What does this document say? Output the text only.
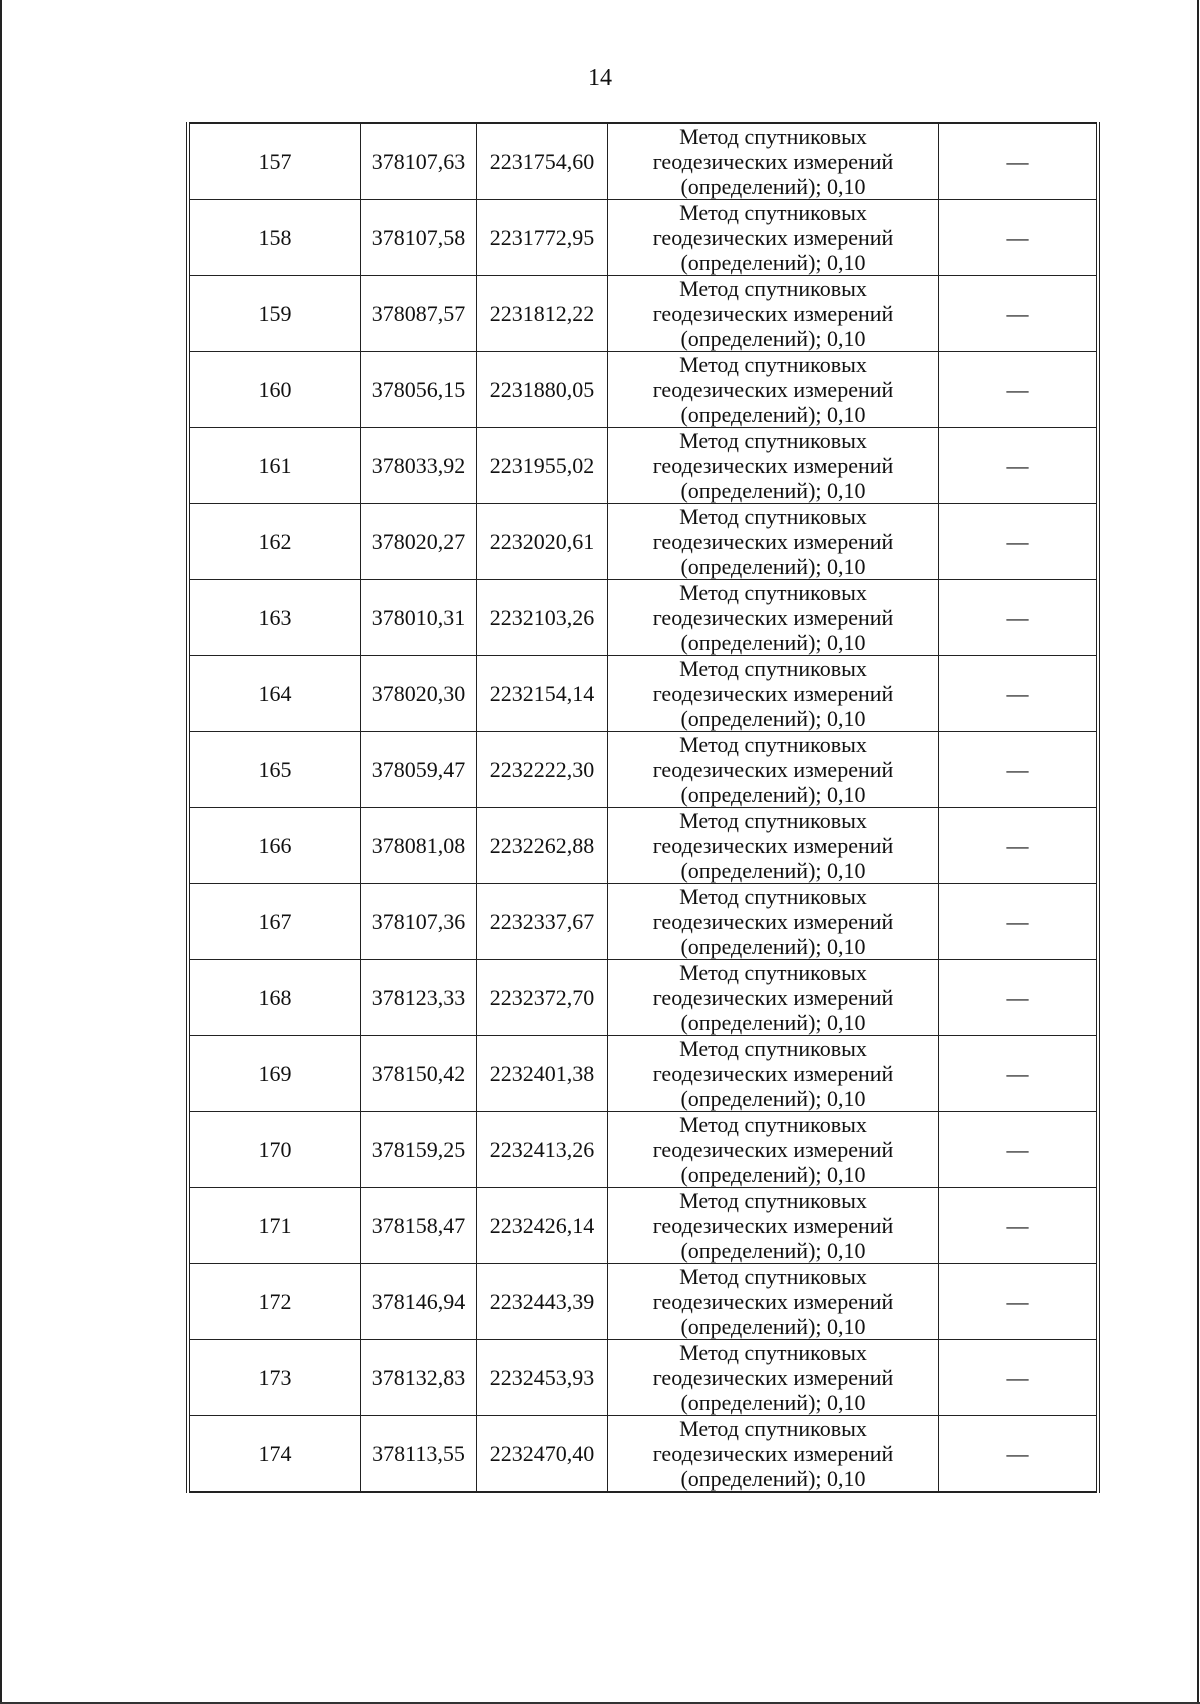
14
157	378107,63	2231754,60	Метод спутниковых
геодезических измерений
(определений); 0,10	—
158	378107,58	2231772,95	Метод спутниковых
геодезических измерений
(определений); 0,10	—
159	378087,57	2231812,22	Метод спутниковых
геодезических измерений
(определений); 0,10	—
160	378056,15	2231880,05	Метод спутниковых
геодезических измерений
(определений); 0,10	—
161	378033,92	2231955,02	Метод спутниковых
геодезических измерений
(определений); 0,10	—
162	378020,27	2232020,61	Метод спутниковых
геодезических измерений
(определений); 0,10	—
163	378010,31	2232103,26	Метод спутниковых
геодезических измерений
(определений); 0,10	—
164	378020,30	2232154,14	Метод спутниковых
геодезических измерений
(определений); 0,10	—
165	378059,47	2232222,30	Метод спутниковых
геодезических измерений
(определений); 0,10	—
166	378081,08	2232262,88	Метод спутниковых
геодезических измерений
(определений); 0,10	—
167	378107,36	2232337,67	Метод спутниковых
геодезических измерений
(определений); 0,10	—
168	378123,33	2232372,70	Метод спутниковых
геодезических измерений
(определений); 0,10	—
169	378150,42	2232401,38	Метод спутниковых
геодезических измерений
(определений); 0,10	—
170	378159,25	2232413,26	Метод спутниковых
геодезических измерений
(определений); 0,10	—
171	378158,47	2232426,14	Метод спутниковых
геодезических измерений
(определений); 0,10	—
172	378146,94	2232443,39	Метод спутниковых
геодезических измерений
(определений); 0,10	—
173	378132,83	2232453,93	Метод спутниковых
геодезических измерений
(определений); 0,10	—
174	378113,55	2232470,40	Метод спутниковых
геодезических измерений
(определений); 0,10	—
